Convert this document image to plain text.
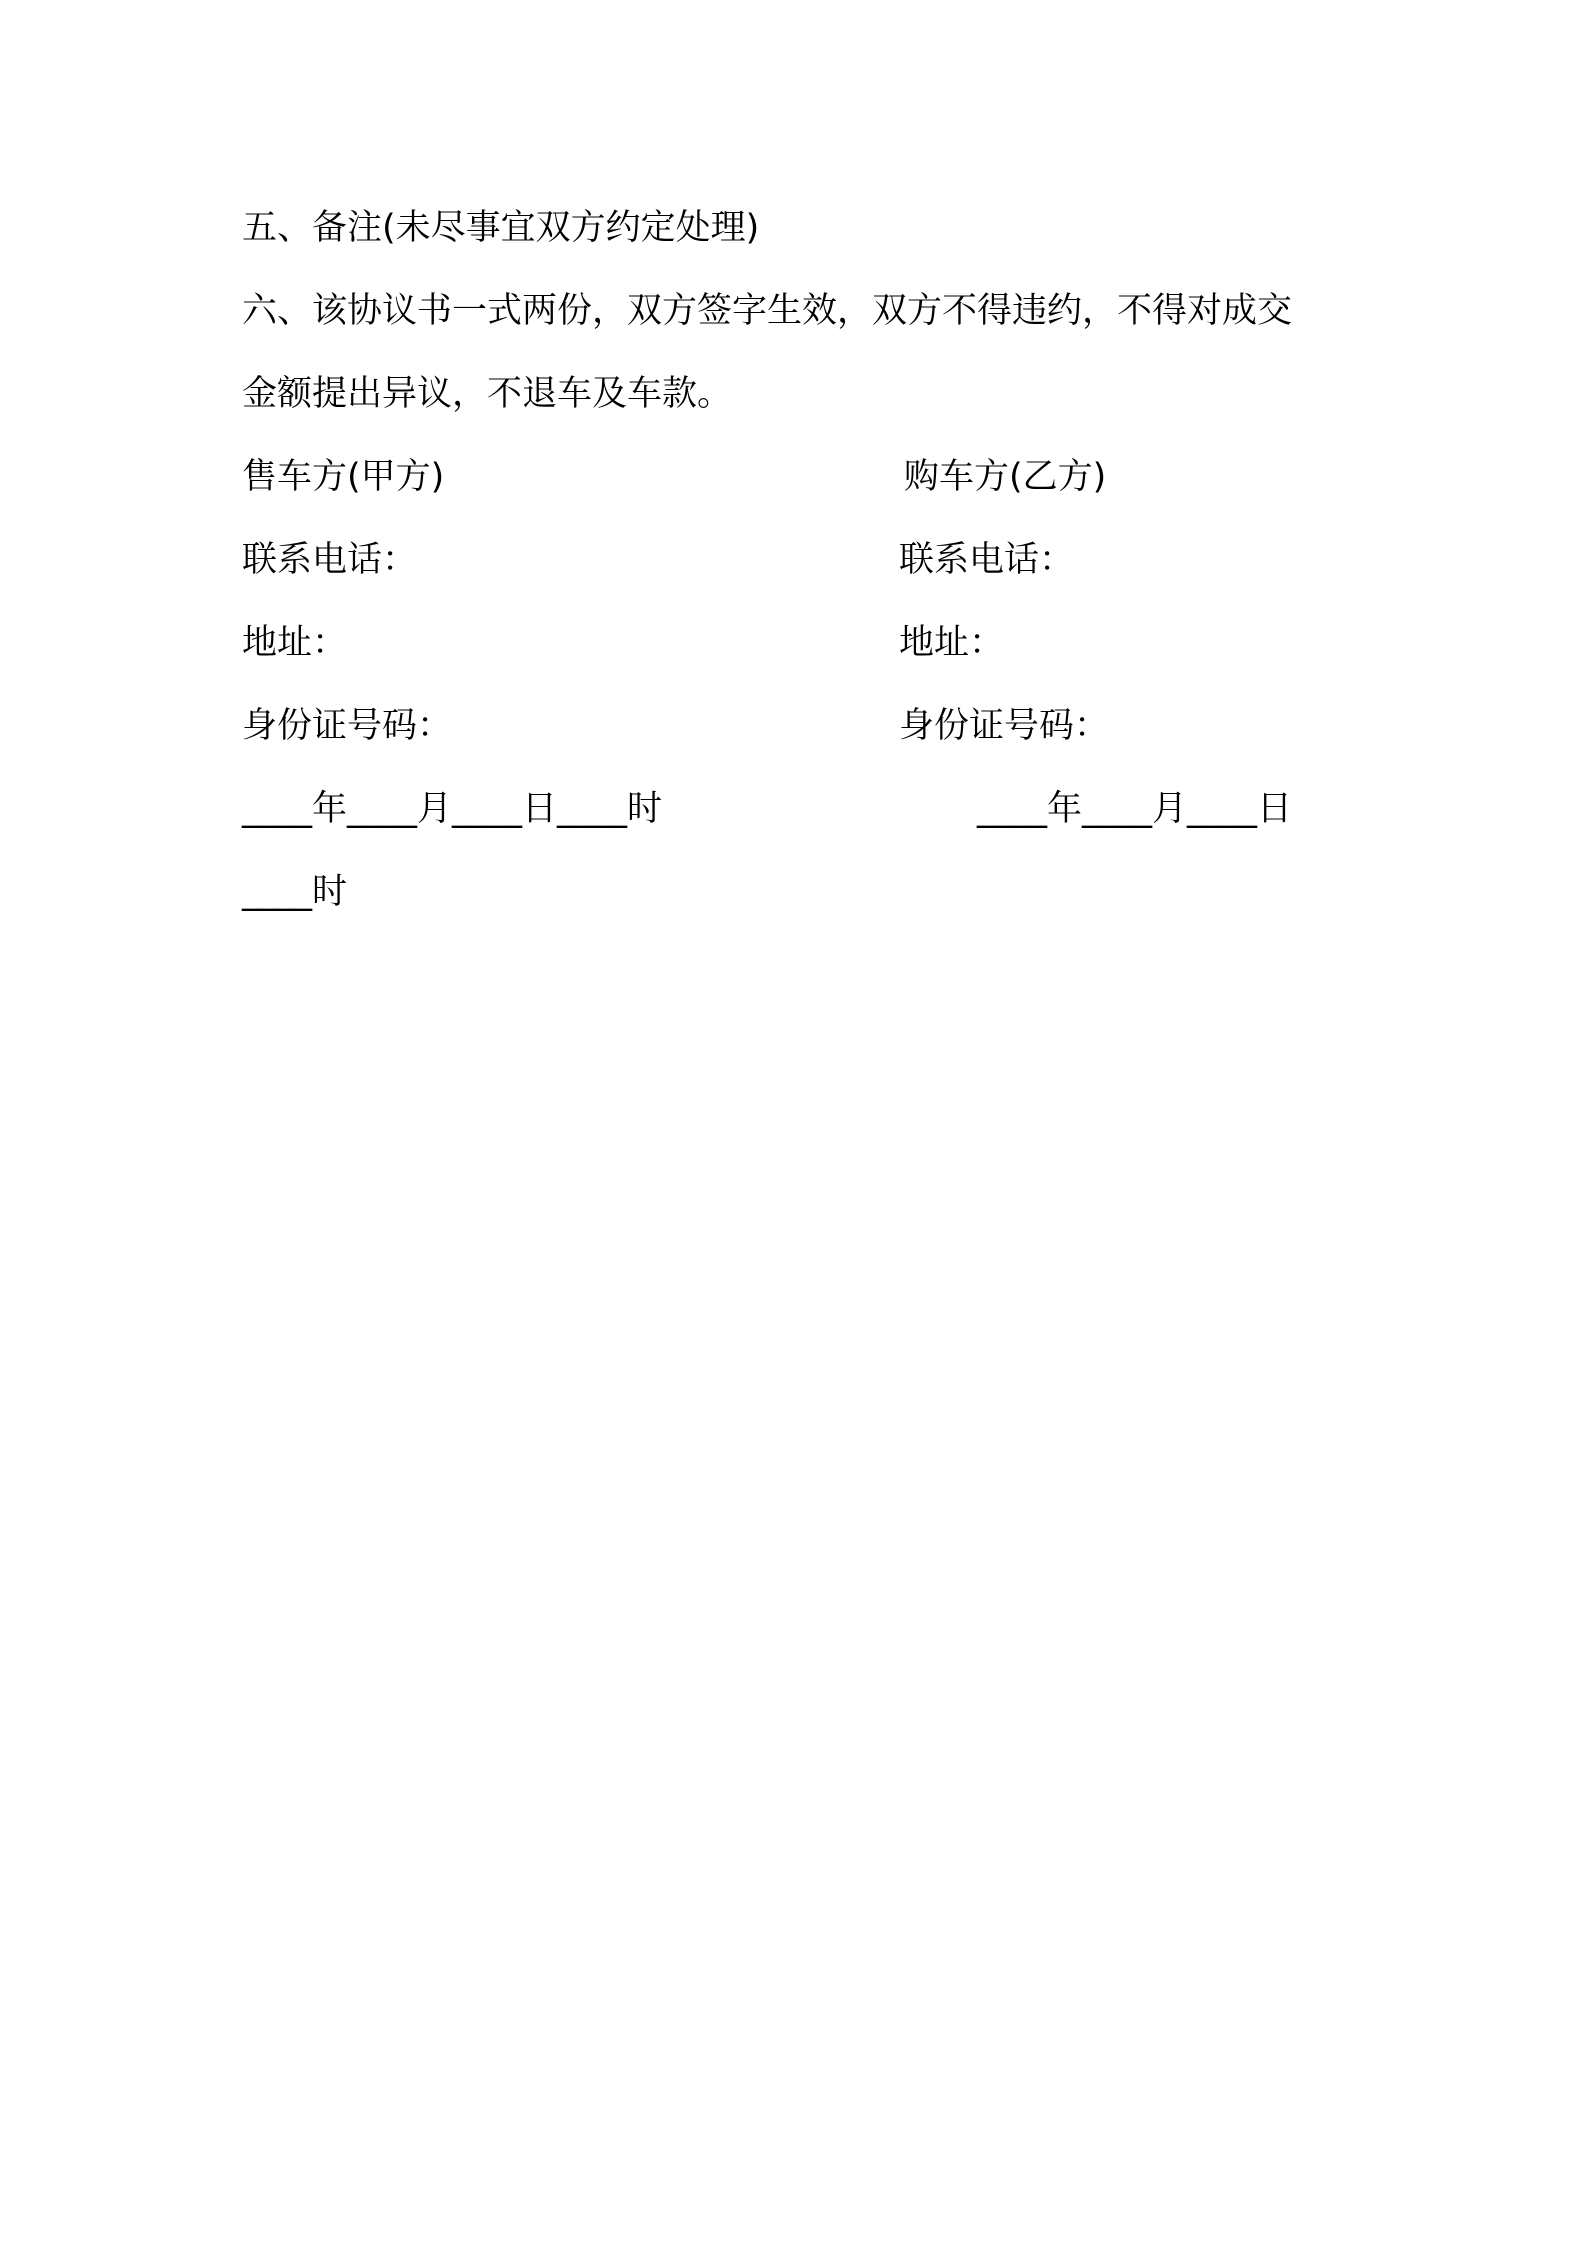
五、备注(未尽事宜双方约定处理)
六、该协议书一式两份，双方签字生效，双方不得违约，不得对成交
金额提出异议，不退车及车款。
售车方(甲方)	购车方(乙方)
联系电话：	联系电话：
地址：	地址：
身份证号码：	身份证号码：
____年____月____日____时	____年____月____日
____时
